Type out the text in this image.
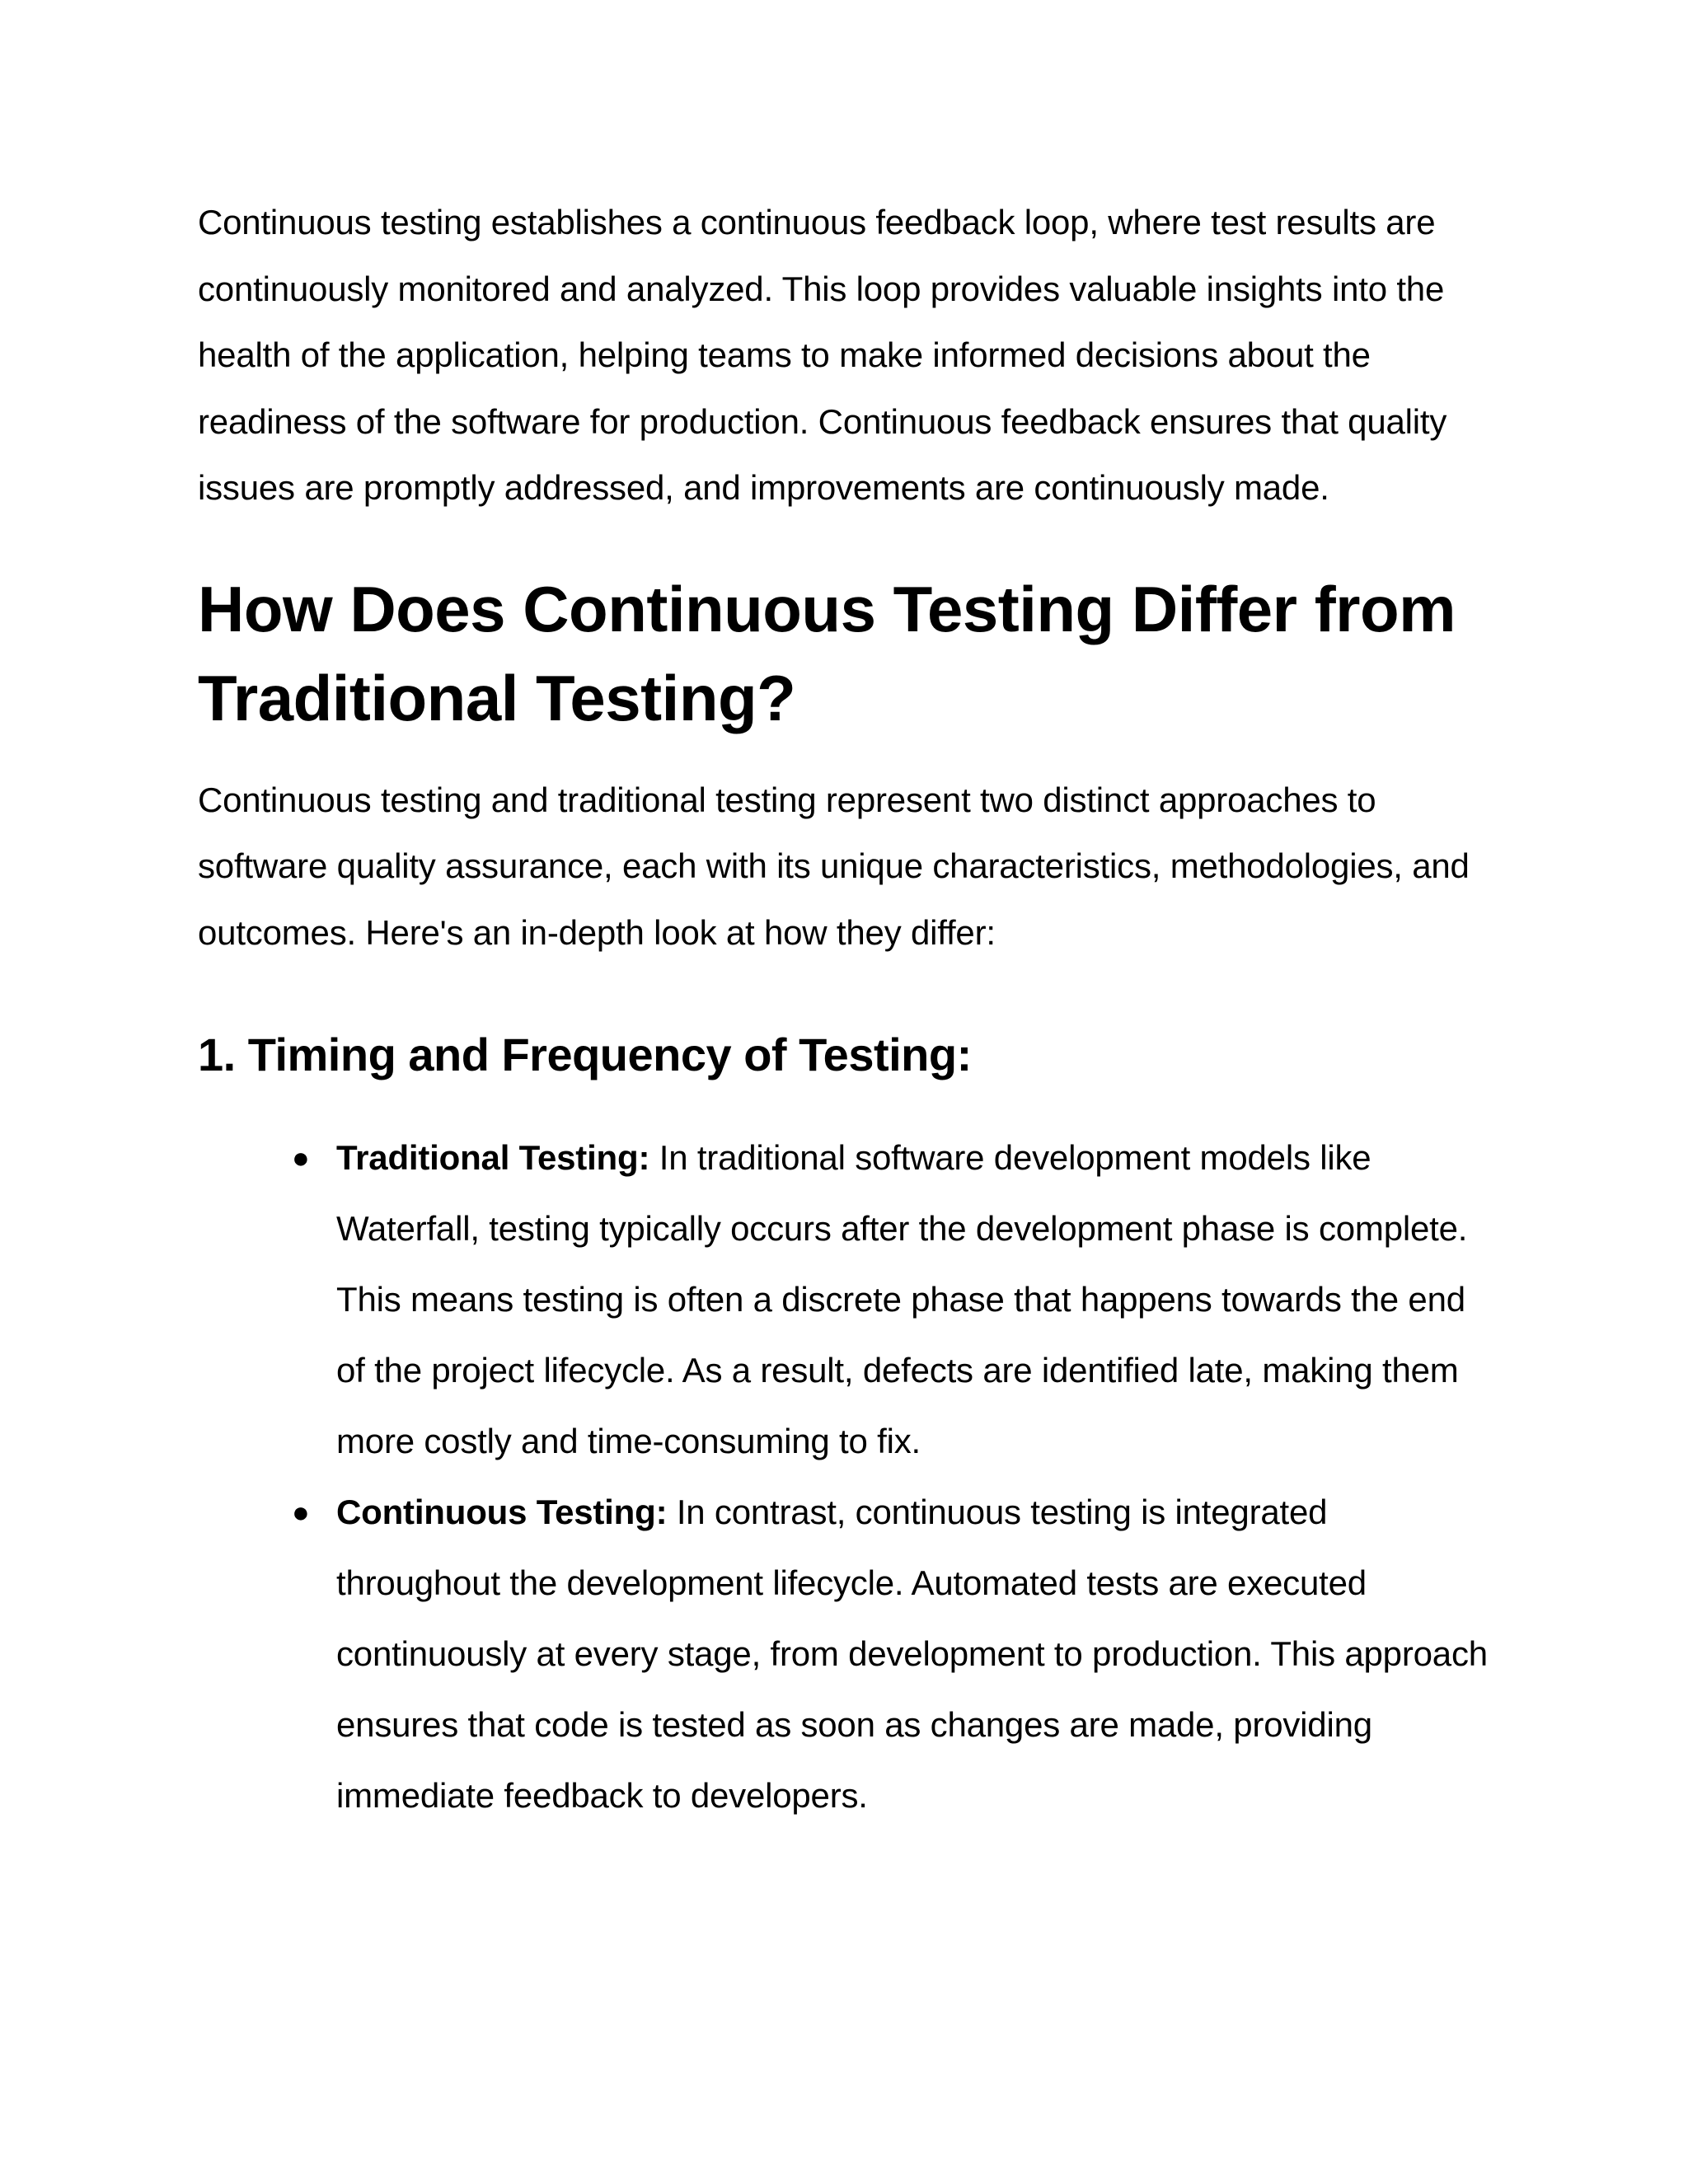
Continuous testing establishes a continuous feedback loop, where test results are continuously monitored and analyzed. This loop provides valuable insights into the health of the application, helping teams to make informed decisions about the readiness of the software for production. Continuous feedback ensures that quality issues are promptly addressed, and improvements are continuously made.

How Does Continuous Testing Differ from Traditional Testing?

Continuous testing and traditional testing represent two distinct approaches to software quality assurance, each with its unique characteristics, methodologies, and outcomes. Here's an in-depth look at how they differ:

1. Timing and Frequency of Testing:
● Traditional Testing: In traditional software development models like Waterfall, testing typically occurs after the development phase is complete. This means testing is often a discrete phase that happens towards the end of the project lifecycle. As a result, defects are identified late, making them more costly and time-consuming to fix.
● Continuous Testing: In contrast, continuous testing is integrated throughout the development lifecycle. Automated tests are executed continuously at every stage, from development to production. This approach ensures that code is tested as soon as changes are made, providing immediate feedback to developers.
